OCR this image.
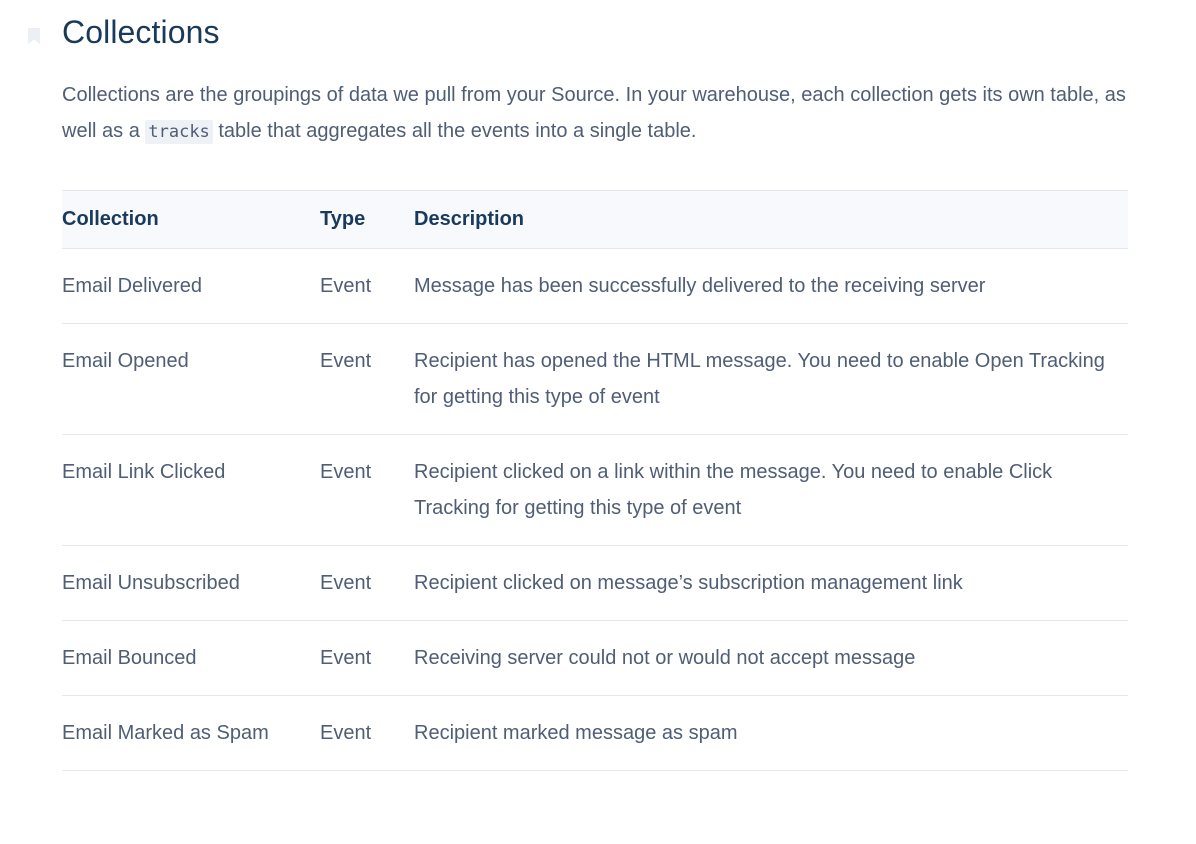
Collections

Collections are the groupings of data we pull from your Source. In your warehouse, each collection gets its own table, as well as a tracks table that aggregates all the events into a single table.

Collection	Type	Description
Email Delivered	Event	Message has been successfully delivered to the receiving server
Email Opened	Event	Recipient has opened the HTML message. You need to enable Open Tracking for getting this type of event
Email Link Clicked	Event	Recipient clicked on a link within the message. You need to enable Click Tracking for getting this type of event
Email Unsubscribed	Event	Recipient clicked on message’s subscription management link
Email Bounced	Event	Receiving server could not or would not accept message
Email Marked as Spam	Event	Recipient marked message as spam
